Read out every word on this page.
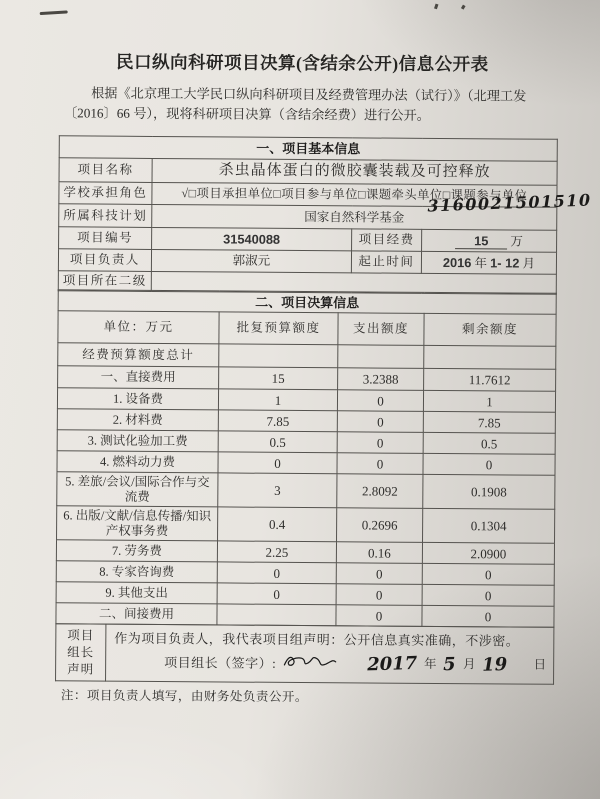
民口纵向科研项目决算(含结余公开)信息公开表

根据《北京理工大学民口纵向科研项目及经费管理办法（试行）》（北理工发
〔2016〕66 号），现将科研项目决算（含结余经费）进行公开。

一、项目基本信息			
项目名称	杀虫晶体蛋白的微胶囊装载及可控释放		
学校承担角色	√□项目承担单位□项目参与单位□课题牵头单位□课题参与单位		
所属科技计划	国家自然科学基金		
项目编号	31540088	项目经费	15 万
项目负责人	郭淑元	起止时间	2016 年 1- 12 月
项目所在二级			
3160021501510
二、项目决算信息			
单位：万元	批复预算额度	支出额度	剩余额度
经费预算额度总计			
一、直接费用	15	3.2388	11.7612
1. 设备费	1	0	1
2. 材料费	7.85	0	7.85
3. 测试化验加工费	0.5	0	0.5
4. 燃料动力费	0	0	0
5. 差旅/会议/国际合作与交流费	3	2.8092	0.1908
6. 出版/文献/信息传播/知识产权事务费	0.4	0.2696	0.1304
7. 劳务费	2.25	0.16	2.0900
8. 专家咨询费	0	0	0
9. 其他支出	0	0	0
二、间接费用		0	0
项目
组长
声明

作为项目负责人，我代表项目组声明：公开信息真实准确，不涉密。
项目组长（签字）:	2017 年 5 月 19 日
注：项目负责人填写，由财务处负责公开。
